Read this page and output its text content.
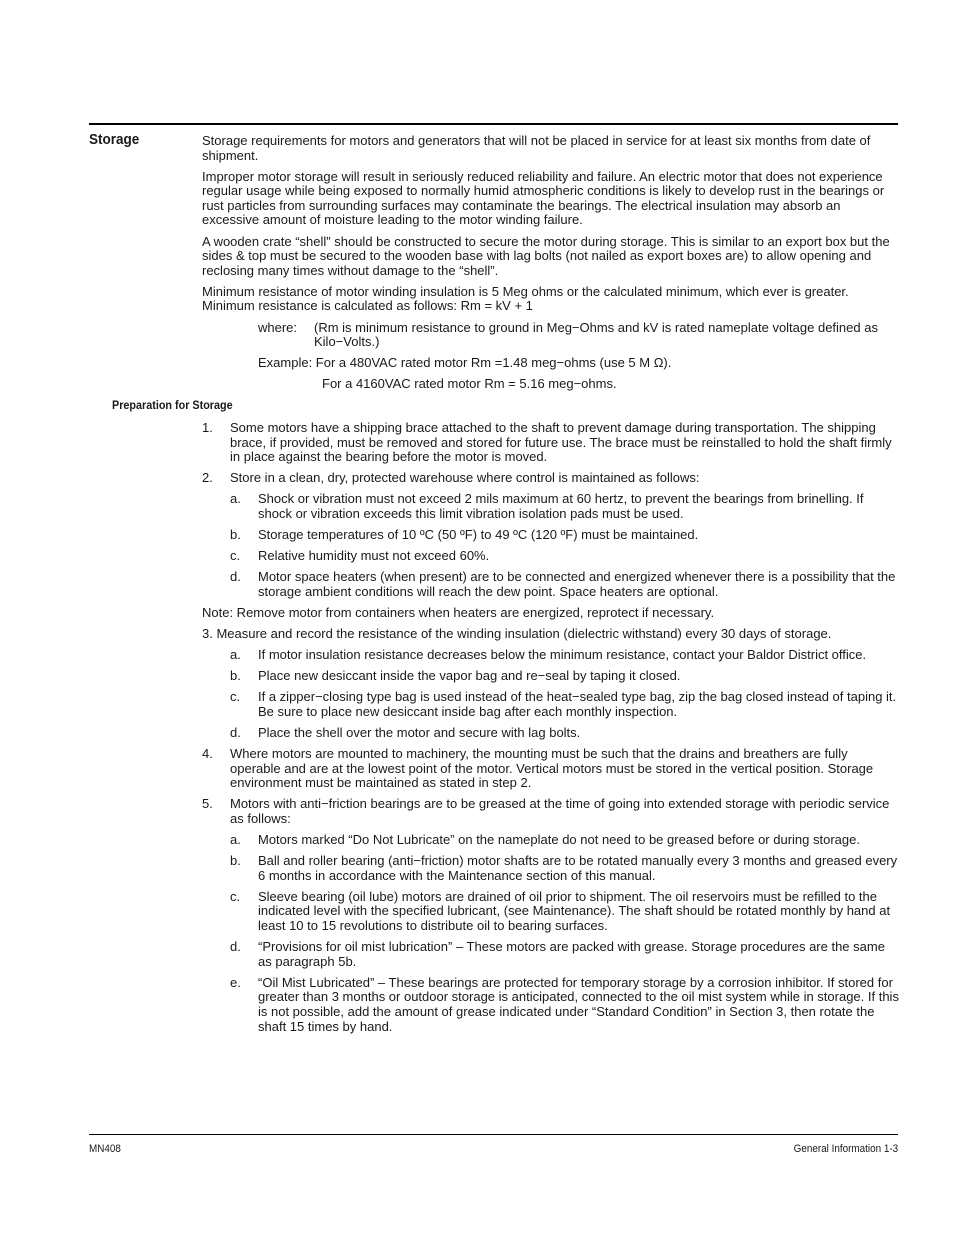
Storage	Storage requirements for motors and generators that will not be placed in service for at least six months from date of shipment.

Improper motor storage will result in seriously reduced reliability and failure. An electric motor that does not experience regular usage while being exposed to normally humid atmospheric conditions is likely to develop rust in the bearings or rust particles from surrounding surfaces may contaminate the bearings. The electrical insulation may absorb an excessive amount of moisture leading to the motor winding failure.

A wooden crate “shell” should be constructed to secure the motor during storage. This is similar to an export box but the sides & top must be secured to the wooden base with lag bolts (not nailed as export boxes are) to allow opening and reclosing many times without damage to the “shell”.

Minimum resistance of motor winding insulation is 5 Meg ohms or the calculated minimum, which ever is greater. Minimum resistance is calculated as follows: Rm = kV + 1

where:	(Rm is minimum resistance to ground in Meg−Ohms and kV is rated nameplate voltage defined as Kilo−Volts.)

Example: For a 480VAC rated motor Rm =1.48 meg−ohms (use 5 M Ω).

For a 4160VAC rated motor Rm = 5.16 meg−ohms.

Preparation for Storage
1.	Some motors have a shipping brace attached to the shaft to prevent damage during transportation. The shipping brace, if provided, must be removed and stored for future use. The brace must be reinstalled to hold the shaft firmly in place against the bearing before the motor is moved.
2.	Store in a clean, dry, protected warehouse where control is maintained as follows:
a.	Shock or vibration must not exceed 2 mils maximum at 60 hertz, to prevent the bearings from brinelling. If shock or vibration exceeds this limit vibration isolation pads must be used.
b.	Storage temperatures of 10 ºC (50 ºF) to 49 ºC (120 ºF) must be maintained.
c.	Relative humidity must not exceed 60%.
d.	Motor space heaters (when present) are to be connected and energized whenever there is a possibility that the storage ambient conditions will reach the dew point. Space heaters are optional.

Note: Remove motor from containers when heaters are energized, reprotect if necessary.

3. Measure and record the resistance of the winding insulation (dielectric withstand) every 30 days of storage.

a.	If motor insulation resistance decreases below the minimum resistance, contact your Baldor District office.
b.	Place new desiccant inside the vapor bag and re−seal by taping it closed.
c.	If a zipper−closing type bag is used instead of the heat−sealed type bag, zip the bag closed instead of taping it. Be sure to place new desiccant inside bag after each monthly inspection.
d.	Place the shell over the motor and secure with lag bolts.
4.	Where motors are mounted to machinery, the mounting must be such that the drains and breathers are fully operable and are at the lowest point of the motor. Vertical motors must be stored in the vertical position. Storage environment must be maintained as stated in step 2.
5.	Motors with anti−friction bearings are to be greased at the time of going into extended storage with periodic service as follows:
a.	Motors marked “Do Not Lubricate” on the nameplate do not need to be greased before or during storage.
b.	Ball and roller bearing (anti−friction) motor shafts are to be rotated manually every 3 months and greased every 6 months in accordance with the Maintenance section of this manual.
c.	Sleeve bearing (oil lube) motors are drained of oil prior to shipment. The oil reservoirs must be refilled to the indicated level with the specified lubricant, (see Maintenance). The shaft should be rotated monthly by hand at least 10 to 15 revolutions to distribute oil to bearing surfaces.
d.	“Provisions for oil mist lubrication” – These motors are packed with grease. Storage procedures are the same as paragraph 5b.
e.	“Oil Mist Lubricated” – These bearings are protected for temporary storage by a corrosion inhibitor. If stored for greater than 3 months or outdoor storage is anticipated, connected to the oil mist system while in storage. If this is not possible, add the amount of grease indicated under “Standard Condition” in Section 3, then rotate the shaft 15 times by hand.
MN408	General Information 1-3
